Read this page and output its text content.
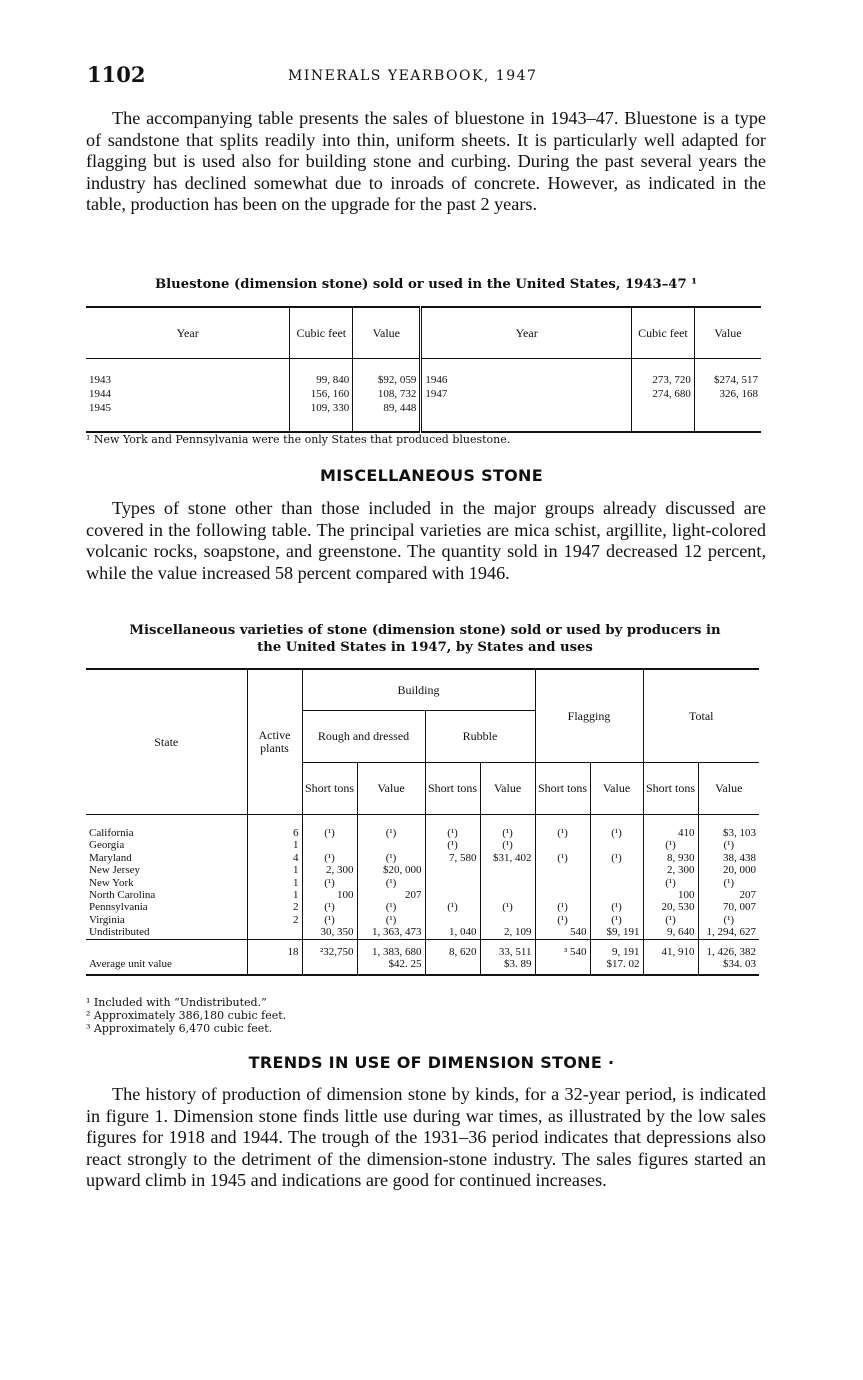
1102	MINERALS YEARBOOK, 1947

The accompanying table presents the sales of bluestone in 1943–47. Bluestone is a type of sandstone that splits readily into thin, uniform sheets. It is particularly well adapted for flagging but is used also for building stone and curbing. During the past several years the industry has declined somewhat due to inroads of concrete. However, as indicated in the table, production has been on the upgrade for the past 2 years.

Bluestone (dimension stone) sold or used in the United States, 1943–47 ¹
Year	Cubic feet	Value	Year	Cubic feet	Value
1943	99, 840	$92, 059	1946	273, 720	$274, 517
1944	156, 160	108, 732	1947	274, 680	326, 168
1945	109, 330	89, 448			
¹ New York and Pennsylvania were the only States that produced bluestone.
MISCELLANEOUS STONE

Types of stone other than those included in the major groups already discussed are covered in the following table. The principal varieties are mica schist, argillite, light-colored volcanic rocks, soapstone, and greenstone. The quantity sold in 1947 decreased 12 percent, while the value increased 58 percent compared with 1946.

Miscellaneous varieties of stone (dimension stone) sold or used by producers in
the United States in 1947, by States and uses
State	Active plants	Building				Flagging		Total	
		Rough and dressed		Rubble					
		Short tons	Value	Short tons	Value	Short tons	Value	Short tons	Value
California	6	(¹)	(¹)	(¹)	(¹)	(¹)	(¹)	410	$3, 103
Georgia	1			(¹)	(¹)			(¹)	(¹)
Maryland	4	(¹)	(¹)	7, 580	$31, 402	(¹)	(¹)	8, 930	38, 438
New Jersey	1	2, 300	$20, 000					2, 300	20, 000
New York	1	(¹)	(¹)					(¹)	(¹)
North Carolina	1	100	207					100	207
Pennsylvania	2	(¹)	(¹)	(¹)	(¹)	(¹)	(¹)	20, 530	70, 007
Virginia	2	(¹)	(¹)			(¹)	(¹)	(¹)	(¹)
Undistributed		30, 350	1, 363, 473	1, 040	2, 109	540	$9, 191	9, 640	1, 294, 627
	18	²32,750	1, 383, 680	8, 620	33, 511	³ 540	9, 191	41, 910	1, 426, 382
Average unit value			$42. 25		$3. 89		$17. 02		$34. 03
¹ Included with “Undistributed.”
² Approximately 386,180 cubic feet.
³ Approximately 6,470 cubic feet.
TRENDS IN USE OF DIMENSION STONE ·

The history of production of dimension stone by kinds, for a 32-year period, is indicated in figure 1. Dimension stone finds little use during war times, as illustrated by the low sales figures for 1918 and 1944. The trough of the 1931–36 period indicates that depressions also react strongly to the detriment of the dimension-stone industry. The sales figures started an upward climb in 1945 and indications are good for continued increases.
